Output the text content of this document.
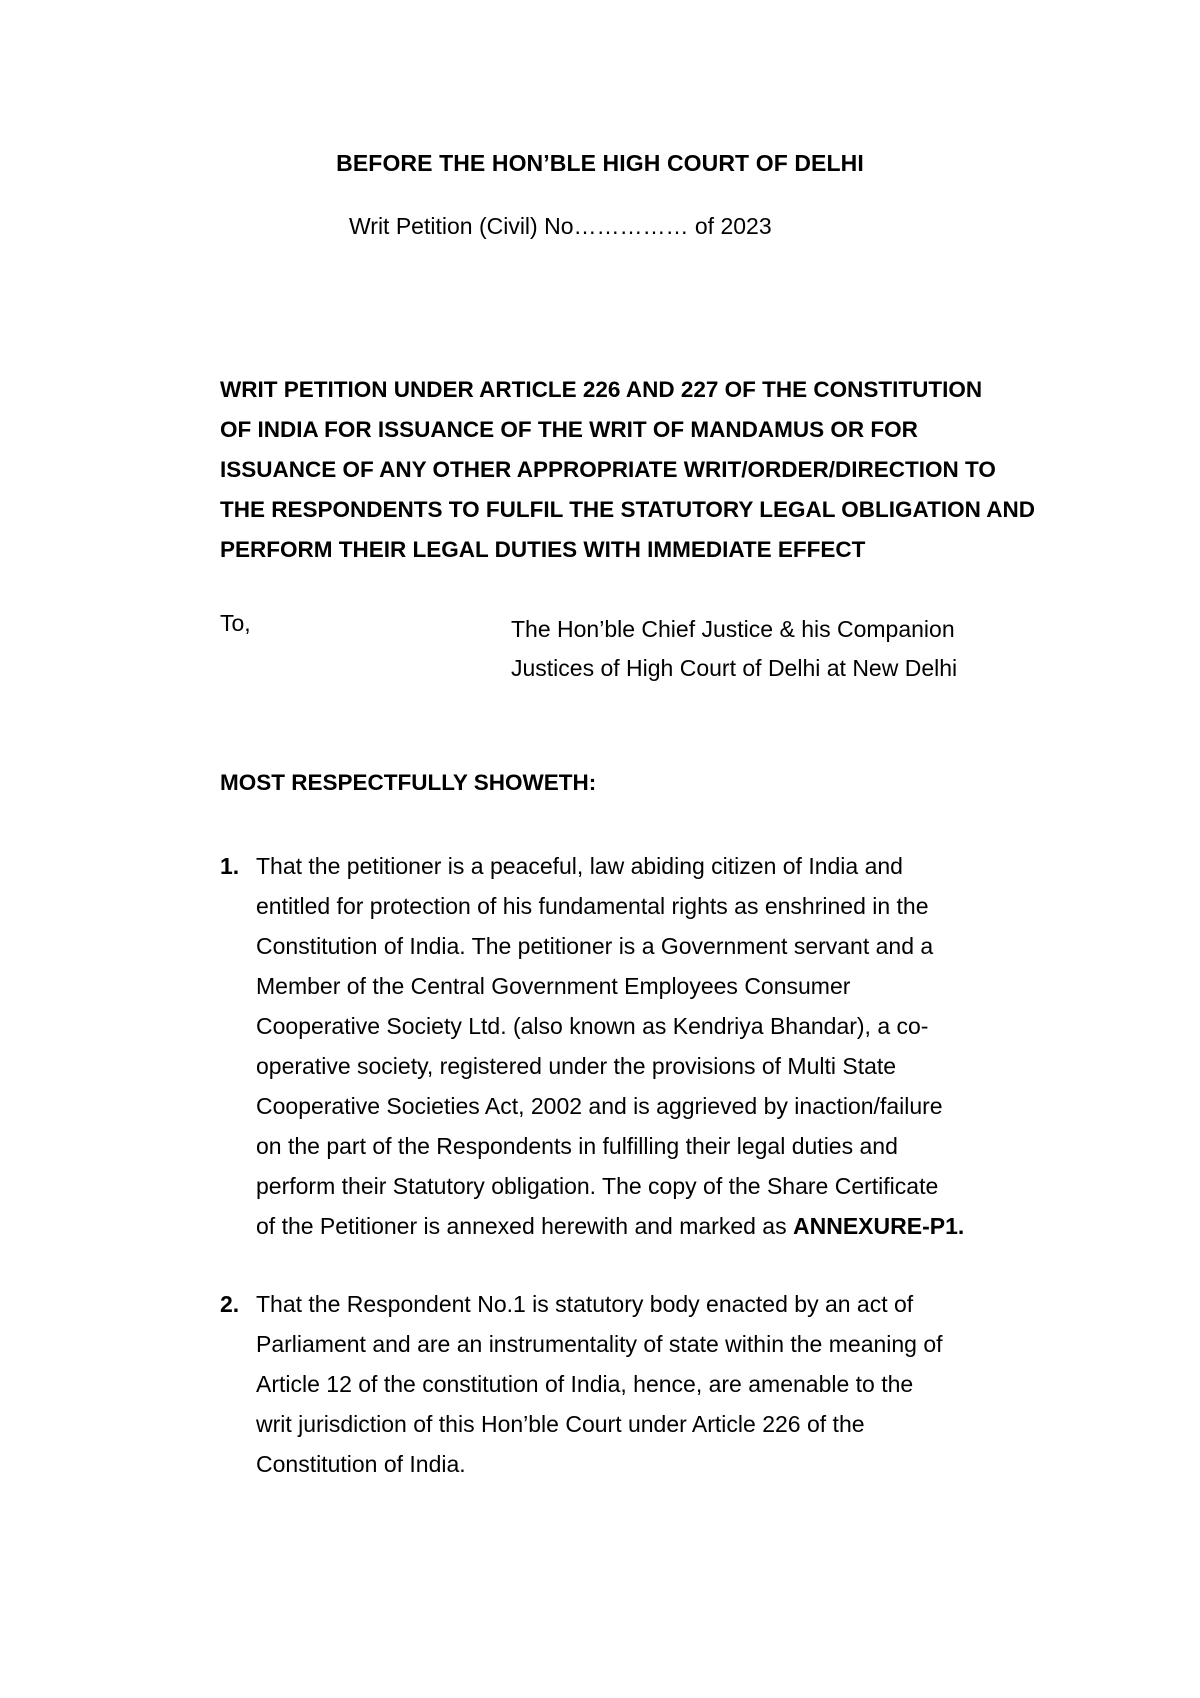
BEFORE THE HON’BLE HIGH COURT OF DELHI
Writ Petition (Civil) No…………… of 2023
WRIT PETITION UNDER ARTICLE 226 AND 227 OF THE CONSTITUTION
OF INDIA FOR ISSUANCE OF THE WRIT OF MANDAMUS OR FOR
ISSUANCE OF ANY OTHER APPROPRIATE WRIT/ORDER/DIRECTION TO
THE RESPONDENTS TO FULFIL THE STATUTORY LEGAL OBLIGATION AND
PERFORM THEIR LEGAL DUTIES WITH IMMEDIATE EFFECT
To,	The Hon’ble Chief Justice & his Companion
Justices of High Court of Delhi at New Delhi
MOST RESPECTFULLY SHOWETH:
1. That the petitioner is a peaceful, law abiding citizen of India and
entitled for protection of his fundamental rights as enshrined in the
Constitution of India. The petitioner is a Government servant and a
Member of the Central Government Employees Consumer
Cooperative Society Ltd. (also known as Kendriya Bhandar), a co-
operative society, registered under the provisions of Multi State
Cooperative Societies Act, 2002 and is aggrieved by inaction/failure
on the part of the Respondents in fulfilling their legal duties and
perform their Statutory obligation. The copy of the Share Certificate
of the Petitioner is annexed herewith and marked as ANNEXURE-P1.
2. That the Respondent No.1 is statutory body enacted by an act of
Parliament and are an instrumentality of state within the meaning of
Article 12 of the constitution of India, hence, are amenable to the
writ jurisdiction of this Hon’ble Court under Article 226 of the
Constitution of India.
